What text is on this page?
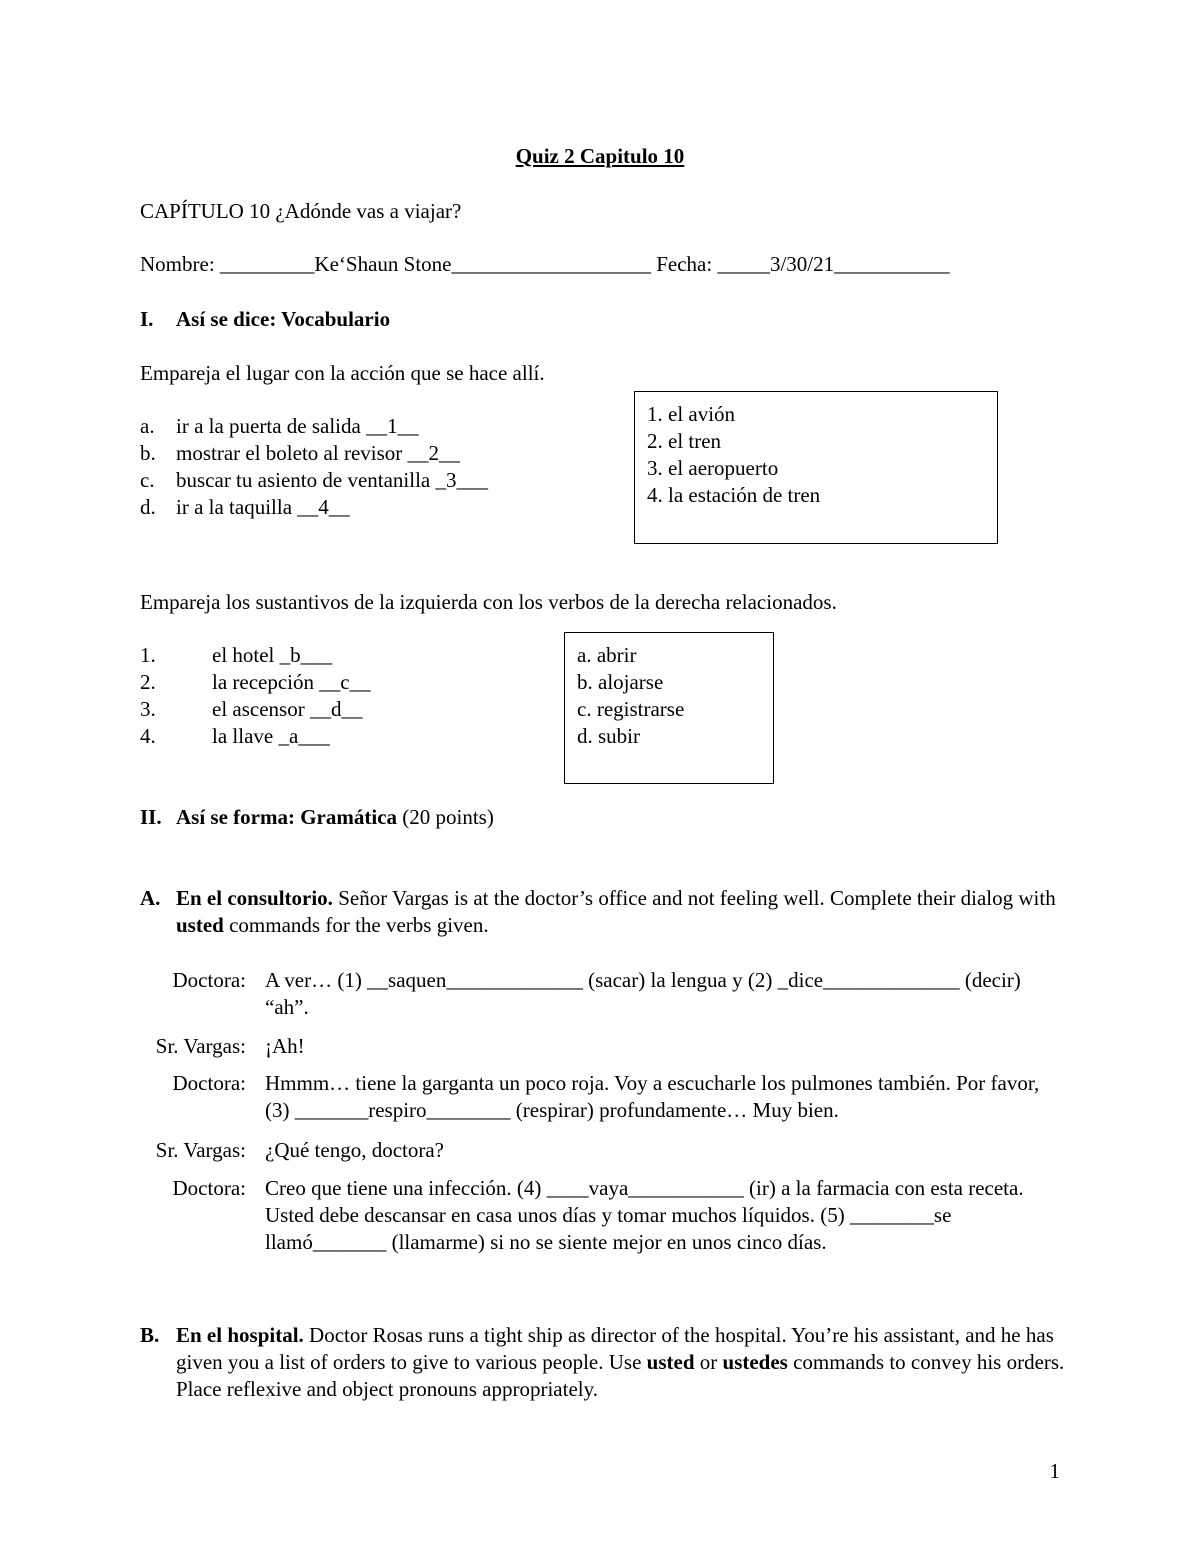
Quiz 2 Capitulo 10
CAPÍTULO 10 ¿Adónde vas a viajar?
Nombre: _________Ke‘Shaun Stone___________________ Fecha: _____3/30/21___________
I. Así se dice: Vocabulario
Empareja el lugar con la acción que se hace allí.
a. ir a la puerta de salida __1__
b. mostrar el boleto al revisor __2__
c. buscar tu asiento de ventanilla _3___
d. ir a la taquilla __4__
1. el avión
2. el tren
3. el aeropuerto
4. la estación de tren
Empareja los sustantivos de la izquierda con los verbos de la derecha relacionados.
1.	el hotel _b___
2.	la recepción __c__
3.	el ascensor __d__
4.	la llave _a___
a. abrir
b. alojarse
c. registrarse
d. subir
II. Así se forma: Gramática (20 points)
A. En el consultorio. Señor Vargas is at the doctor’s office and not feeling well. Complete their dialog with usted commands for the verbs given.
Doctora: A ver… (1) __saquen_____________ (sacar) la lengua y (2) _dice_____________ (decir) “ah”.
Sr. Vargas: ¡Ah!
Doctora: Hmmm… tiene la garganta un poco roja. Voy a escucharle los pulmones también. Por favor, (3) _______respiro________ (respirar) profundamente… Muy bien.
Sr. Vargas: ¿Qué tengo, doctora?
Doctora: Creo que tiene una infección. (4) ____vaya___________ (ir) a la farmacia con esta receta. Usted debe descansar en casa unos días y tomar muchos líquidos. (5) ________se llamó_______ (llamarme) si no se siente mejor en unos cinco días.
B. En el hospital. Doctor Rosas runs a tight ship as director of the hospital. You’re his assistant, and he has given you a list of orders to give to various people. Use usted or ustedes commands to convey his orders. Place reflexive and object pronouns appropriately.
1
